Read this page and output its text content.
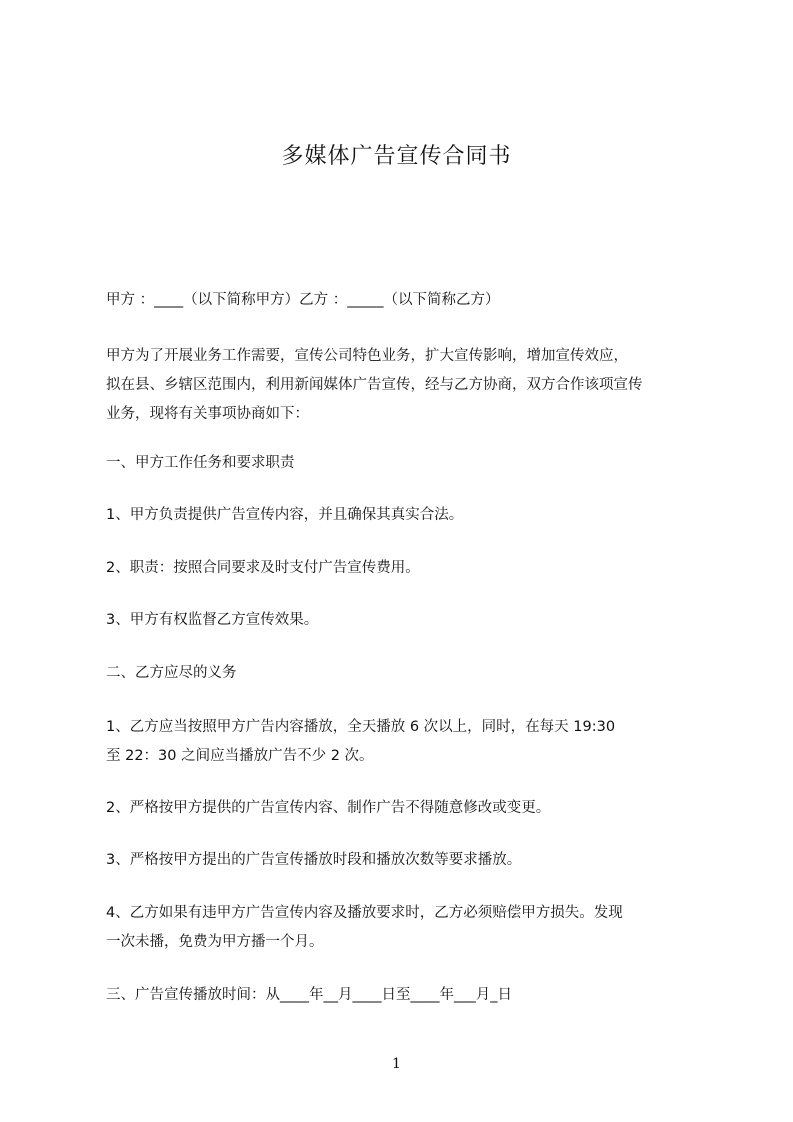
多媒体广告宣传合同书
甲方 ：____（以下简称甲方）乙方 ：_____（以下简称乙方）
甲方为了开展业务工作需要，宣传公司特色业务，扩大宣传影响，增加宣传效应，
拟在县、乡辖区范围内，利用新闻媒体广告宣传，经与乙方协商，双方合作该项宣传
业务，现将有关事项协商如下：
一、甲方工作任务和要求职责
1、甲方负责提供广告宣传内容，并且确保其真实合法。
2、职责：按照合同要求及时支付广告宣传费用。
3、甲方有权监督乙方宣传效果。
二、乙方应尽的义务
1、乙方应当按照甲方广告内容播放，全天播放 6 次以上，同时，在每天 19:30
至 22：30 之间应当播放广告不少 2 次。
2、严格按甲方提供的广告宣传内容、制作广告不得随意修改或变更。
3、严格按甲方提出的广告宣传播放时段和播放次数等要求播放。
4、乙方如果有违甲方广告宣传内容及播放要求时，乙方必须赔偿甲方损失。发现
一次未播，免费为甲方播一个月。
三、广告宣传播放时间：从____年__月____日至____年___月_日
1
